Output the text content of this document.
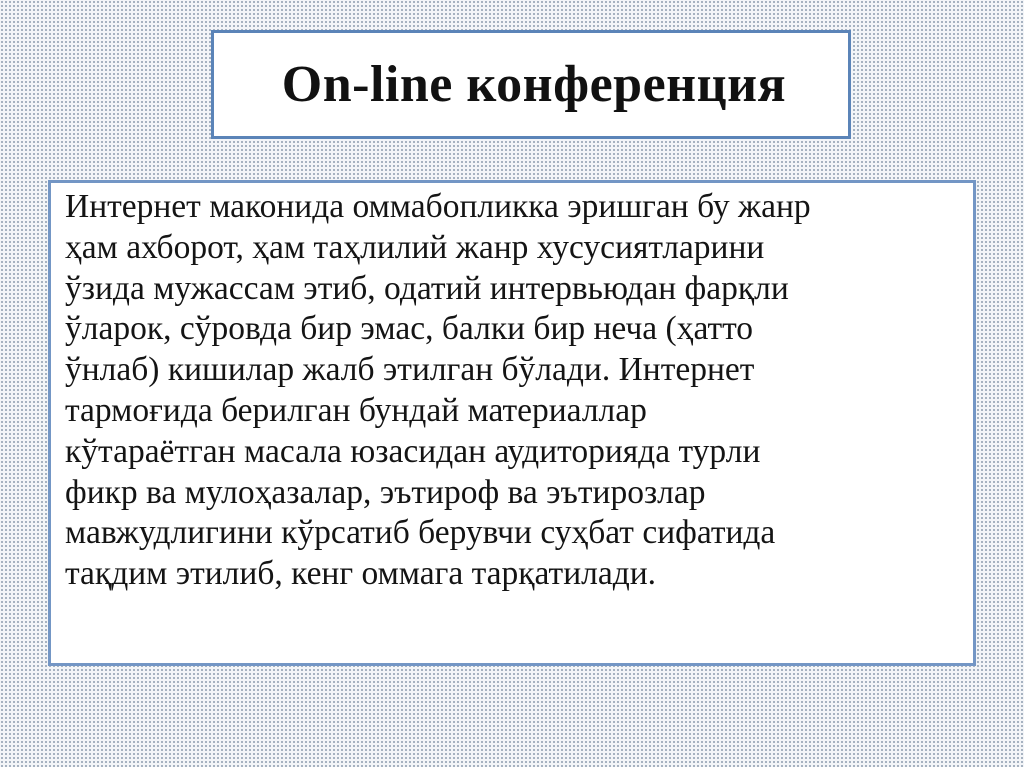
On-line конференция

Интернет маконида оммабопликка эришган бу жанр
ҳам ахборот, ҳам таҳлилий жанр хусусиятларини
ўзида мужассам этиб, одатий интервьюдан фарқли
ўларок, сўровда бир эмас, балки бир неча (ҳатто
ўнлаб) кишилар жалб этилган бўлади. Интернет
тармоғида берилган бундай материаллар
кўтараётган масала юзасидан аудиторияда турли
фикр ва мулоҳазалар, эътироф ва эътирозлар
мавжудлигини кўрсатиб берувчи суҳбат сифатида
тақдим этилиб, кенг оммага тарқатилади.
